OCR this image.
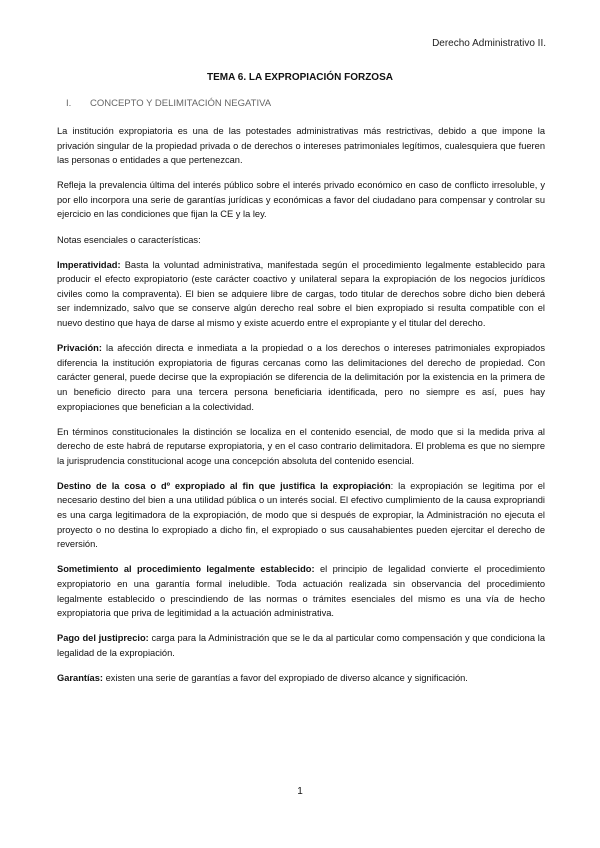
Derecho Administrativo II.
TEMA 6. LA EXPROPIACIÓN FORZOSA
I. CONCEPTO Y DELIMITACIÓN NEGATIVA

La institución expropiatoria es una de las potestades administrativas más restrictivas, debido a que impone la privación singular de la propiedad privada o de derechos o intereses patrimoniales legítimos, cualesquiera que fueren las personas o entidades a que pertenezcan.

Refleja la prevalencia última del interés público sobre el interés privado económico en caso de conflicto irresoluble, y por ello incorpora una serie de garantías jurídicas y económicas a favor del ciudadano para compensar y controlar su ejercicio en las condiciones que fijan la CE y la ley.

Notas esenciales o características:

Imperatividad: Basta la voluntad administrativa, manifestada según el procedimiento legalmente establecido para producir el efecto expropiatorio (este carácter coactivo y unilateral separa la expropiación de los negocios jurídicos civiles como la compraventa). El bien se adquiere libre de cargas, todo titular de derechos sobre dicho bien deberá ser indemnizado, salvo que se conserve algún derecho real sobre el bien expropiado si resulta compatible con el nuevo destino que haya de darse al mismo y existe acuerdo entre el expropiante y el titular del derecho.

Privación: la afección directa e inmediata a la propiedad o a los derechos o intereses patrimoniales expropiados diferencia la institución expropiatoria de figuras cercanas como las delimitaciones del derecho de propiedad. Con carácter general, puede decirse que la expropiación se diferencia de la delimitación por la existencia en la primera de un beneficio directo para una tercera persona beneficiaria identificada, pero no siempre es así, pues hay expropiaciones que benefician a la colectividad.

En términos constitucionales la distinción se localiza en el contenido esencial, de modo que si la medida priva al derecho de este habrá de reputarse expropiatoria, y en el caso contrario delimitadora. El problema es que no siempre la jurisprudencia constitucional acoge una concepción absoluta del contenido esencial.

Destino de la cosa o dº expropiado al fin que justifica la expropiación: la expropiación se legitima por el necesario destino del bien a una utilidad pública o un interés social. El efectivo cumplimiento de la causa expropriandi es una carga legitimadora de la expropiación, de modo que si después de expropiar, la Administración no ejecuta el proyecto o no destina lo expropiado a dicho fin, el expropiado o sus causahabientes pueden ejercitar el derecho de reversión.

Sometimiento al procedimiento legalmente establecido: el principio de legalidad convierte el procedimiento expropiatorio en una garantía formal ineludible. Toda actuación realizada sin observancia del procedimiento legalmente establecido o prescindiendo de las normas o trámites esenciales del mismo es una vía de hecho expropiatoria que priva de legitimidad a la actuación administrativa.

Pago del justiprecio: carga para la Administración que se le da al particular como compensación y que condiciona la legalidad de la expropiación.

Garantías: existen una serie de garantías a favor del expropiado de diverso alcance y significación.

1
